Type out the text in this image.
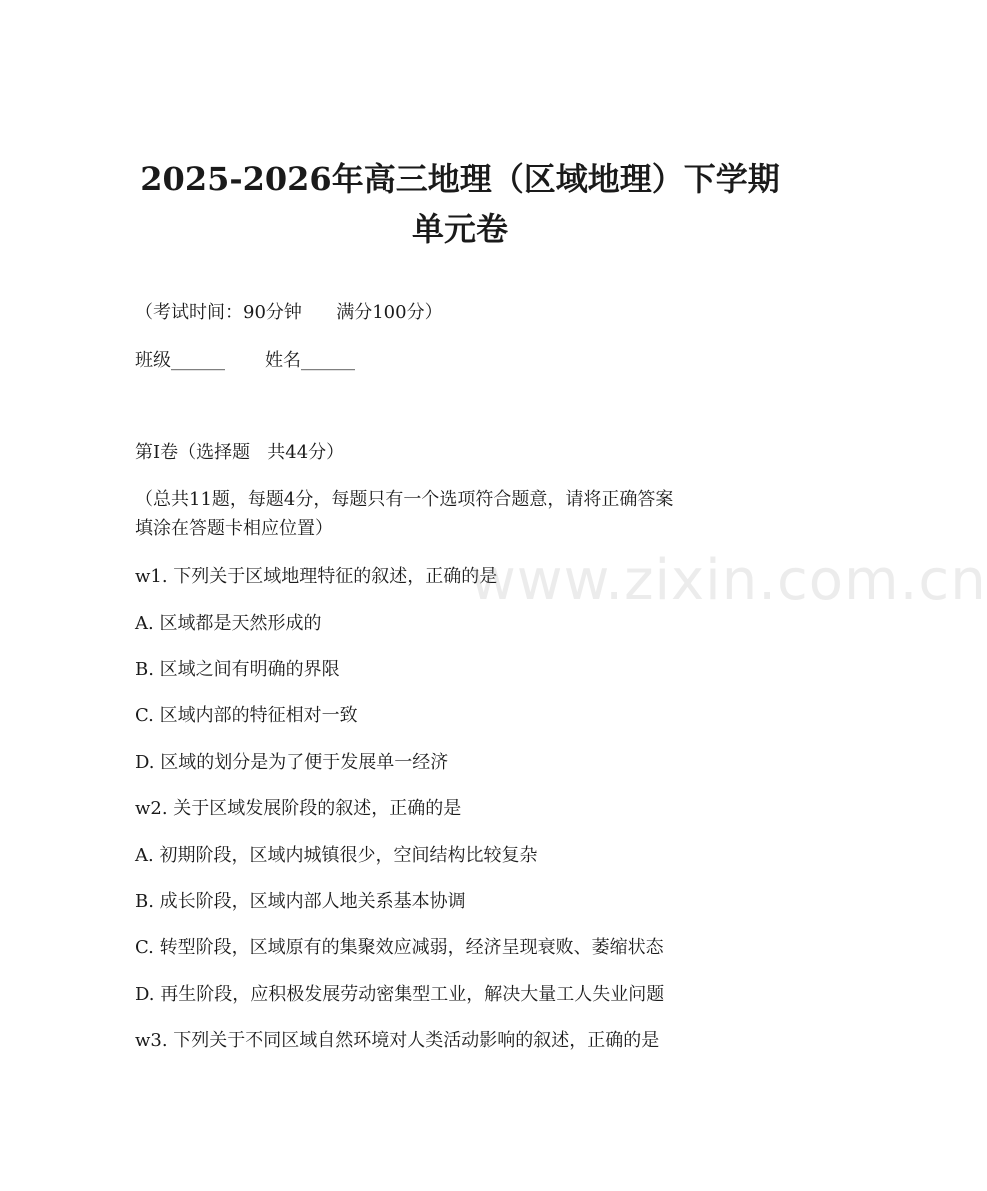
2025-2026年高三地理（区域地理）下学期
单元卷
（考试时间：90分钟      满分100分）
班级______       姓名______
第I卷（选择题   共44分）
（总共11题，每题4分，每题只有一个选项符合题意，请将正确答案
填涂在答题卡相应位置）
w1. 下列关于区域地理特征的叙述，正确的是
A. 区域都是天然形成的
B. 区域之间有明确的界限
C. 区域内部的特征相对一致
D. 区域的划分是为了便于发展单一经济
w2. 关于区域发展阶段的叙述，正确的是
A. 初期阶段，区域内城镇很少，空间结构比较复杂
B. 成长阶段，区域内部人地关系基本协调
C. 转型阶段，区域原有的集聚效应减弱，经济呈现衰败、萎缩状态
D. 再生阶段，应积极发展劳动密集型工业，解决大量工人失业问题
w3. 下列关于不同区域自然环境对人类活动影响的叙述，正确的是
www.zixin.com.cn
